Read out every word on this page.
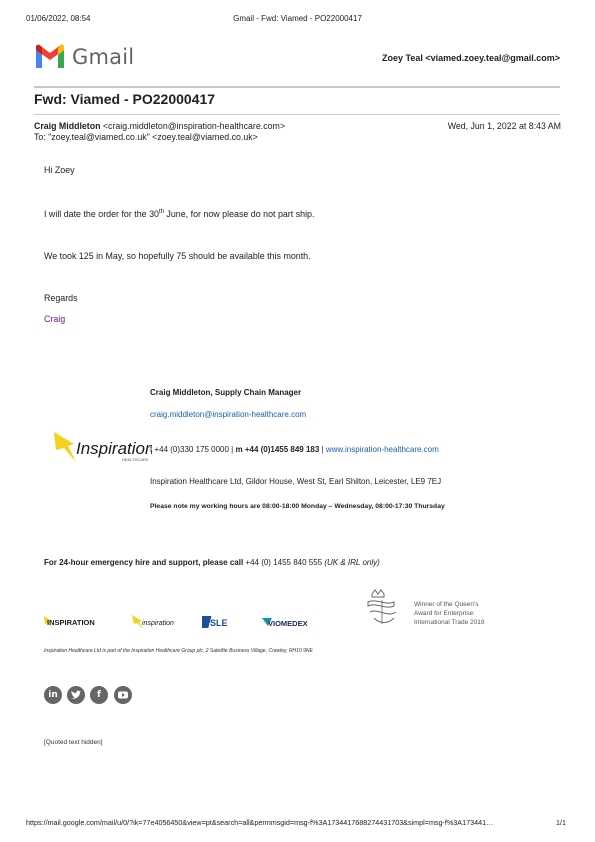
01/06/2022, 08:54	Gmail - Fwd: Viamed - PO22000417
Gmail	Zoey Teal <viamed.zoey.teal@gmail.com>
Fwd: Viamed - PO22000417
Craig Middleton <craig.middleton@inspiration-healthcare.com>	Wed, Jun 1, 2022 at 8:43 AM
To: "zoey.teal@viamed.co.uk" <zoey.teal@viamed.co.uk>
Hi Zoey
I will date the order for the 30th June, for now please do not part ship.
We took 125 in May, so hopefully 75 should be available this month.
Regards
Craig
Craig Middleton, Supply Chain Manager
craig.middleton@inspiration-healthcare.com
Inspiration
HEALTHCARE
t +44 (0)330 175 0000 | m +44 (0)1455 849 183 | www.inspiration-healthcare.com
Inspiration Healthcare Ltd, Gildor House, West St, Earl Shilton, Leicester, LE9 7EJ
Please note my working hours are 08:00-18:00 Monday – Wednesday, 08:00-17:30 Thursday
For 24-hour emergency hire and support, please call +44 (0) 1455 840 555 (UK & IRL only)
INSPIRATION	inspiration	SLE	VIOMEDEX
Winner of the Queen's
Award for Enterprise:
International Trade 2019
Inspiration Healthcare Ltd is part of the Inspiration Healthcare Group plc, 2 Satellite Business Village, Crawley, RH10 9NE
in	f
[Quoted text hidden]
https://mail.google.com/mail/u/0/?ik=77e4056450&view=pt&search=all&permmsgid=msg-f%3A1734417688274431703&simpl=msg-f%3A173441…	1/1
